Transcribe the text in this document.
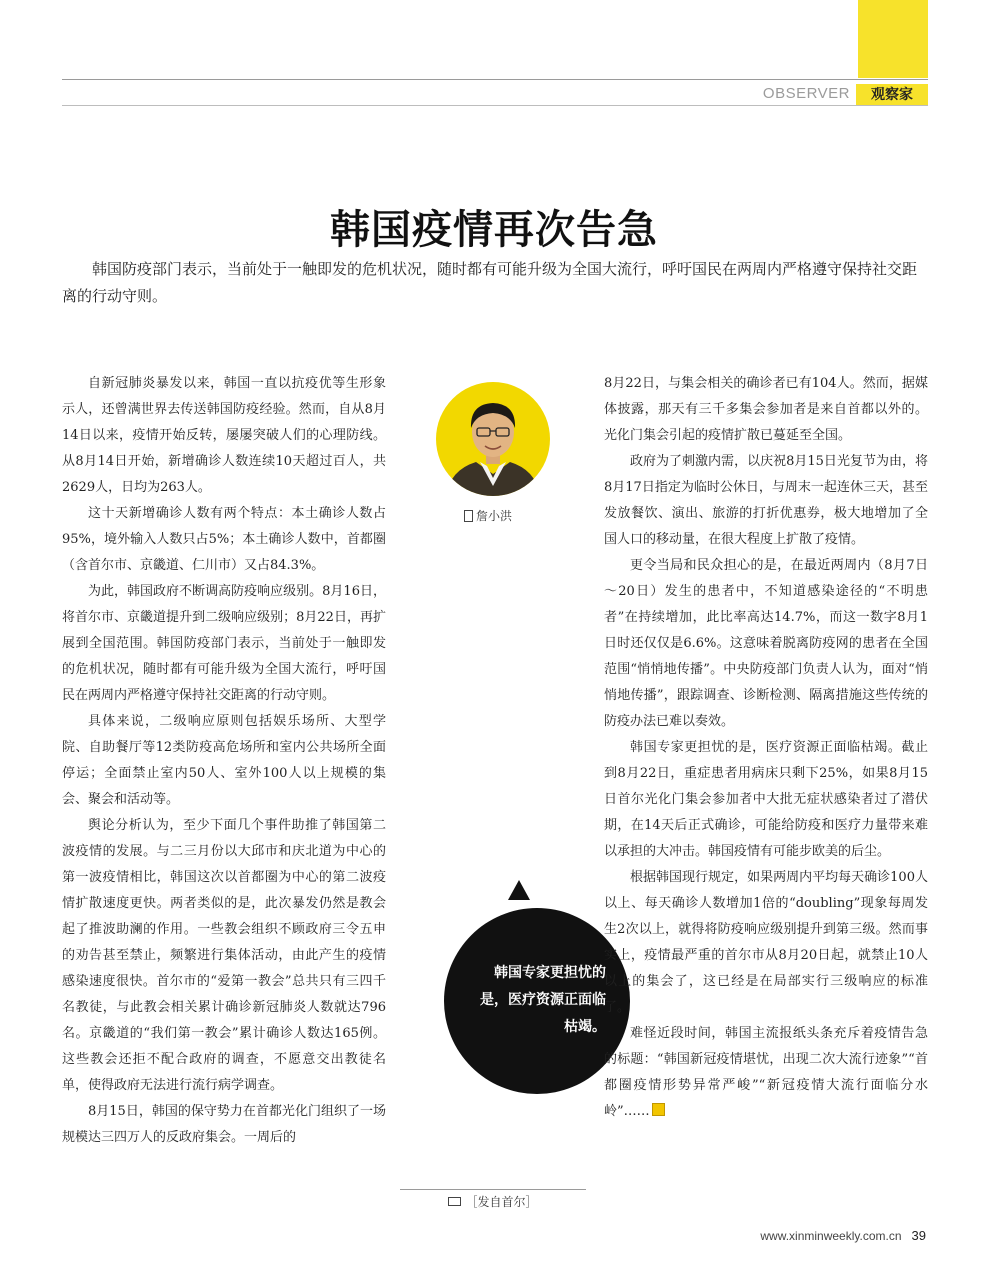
OBSERVER	观察家
韩国疫情再次告急

韩国防疫部门表示，当前处于一触即发的危机状况，随时都有可能升级为全国大流行，呼吁国民在两周内严格遵守保持社交距离的行动守则。

自新冠肺炎暴发以来，韩国一直以抗疫优等生形象示人，还曾满世界去传送韩国防疫经验。然而，自从8月14日以来，疫情开始反转，屡屡突破人们的心理防线。从8月14日开始，新增确诊人数连续10天超过百人，共2629人，日均为263人。

这十天新增确诊人数有两个特点：本土确诊人数占95%，境外输入人数只占5%；本土确诊人数中，首都圈（含首尔市、京畿道、仁川市）又占84.3%。

为此，韩国政府不断调高防疫响应级别。8月16日，将首尔市、京畿道提升到二级响应级别；8月22日，再扩展到全国范围。韩国防疫部门表示，当前处于一触即发的危机状况，随时都有可能升级为全国大流行，呼吁国民在两周内严格遵守保持社交距离的行动守则。

具体来说，二级响应原则包括娱乐场所、大型学院、自助餐厅等12类防疫高危场所和室内公共场所全面停运；全面禁止室内50人、室外100人以上规模的集会、聚会和活动等。

舆论分析认为，至少下面几个事件助推了韩国第二波疫情的发展。与二三月份以大邱市和庆北道为中心的第一波疫情相比，韩国这次以首都圈为中心的第二波疫情扩散速度更快。两者类似的是，此次暴发仍然是教会起了推波助澜的作用。一些教会组织不顾政府三令五申的劝告甚至禁止，频繁进行集体活动，由此产生的疫情感染速度很快。首尔市的“爱第一教会”总共只有三四千名教徒，与此教会相关累计确诊新冠肺炎人数就达796名。京畿道的“我们第一教会”累计确诊人数达165例。这些教会还拒不配合政府的调查，不愿意交出教徒名单，使得政府无法进行流行病学调查。

8月15日，韩国的保守势力在首都光化门组织了一场规模达三四万人的反政府集会。一周后的

詹小洪
韩国专家更担忧的是，医疗资源正面临枯竭。
［发自首尔］

8月22日，与集会相关的确诊者已有104人。然而，据媒体披露，那天有三千多集会参加者是来自首都以外的。光化门集会引起的疫情扩散已蔓延至全国。

政府为了刺激内需，以庆祝8月15日光复节为由，将8月17日指定为临时公休日，与周末一起连休三天，甚至发放餐饮、演出、旅游的打折优惠券，极大地增加了全国人口的移动量，在很大程度上扩散了疫情。

更令当局和民众担心的是，在最近两周内（8月7日～20日）发生的患者中，不知道感染途径的“不明患者”在持续增加，此比率高达14.7%，而这一数字8月1日时还仅仅是6.6%。这意味着脱离防疫网的患者在全国范围“悄悄地传播”。中央防疫部门负责人认为，面对“悄悄地传播”，跟踪调查、诊断检测、隔离措施这些传统的防疫办法已难以奏效。

韩国专家更担忧的是，医疗资源正面临枯竭。截止到8月22日，重症患者用病床只剩下25%，如果8月15日首尔光化门集会参加者中大批无症状感染者过了潜伏期，在14天后正式确诊，可能给防疫和医疗力量带来难以承担的大冲击。韩国疫情有可能步欧美的后尘。

根据韩国现行规定，如果两周内平均每天确诊100人以上、每天确诊人数增加1倍的“doubling”现象每周发生2次以上，就得将防疫响应级别提升到第三级。然而事实上，疫情最严重的首尔市从8月20日起，就禁止10人以上的集会了，这已经是在局部实行三级响应的标准了。

难怪近段时间，韩国主流报纸头条充斥着疫情告急的标题：“韩国新冠疫情堪忧，出现二次大流行迹象”“首都圈疫情形势异常严峻”“新冠疫情大流行面临分水岭”……

www.xinminweekly.com.cn 39
